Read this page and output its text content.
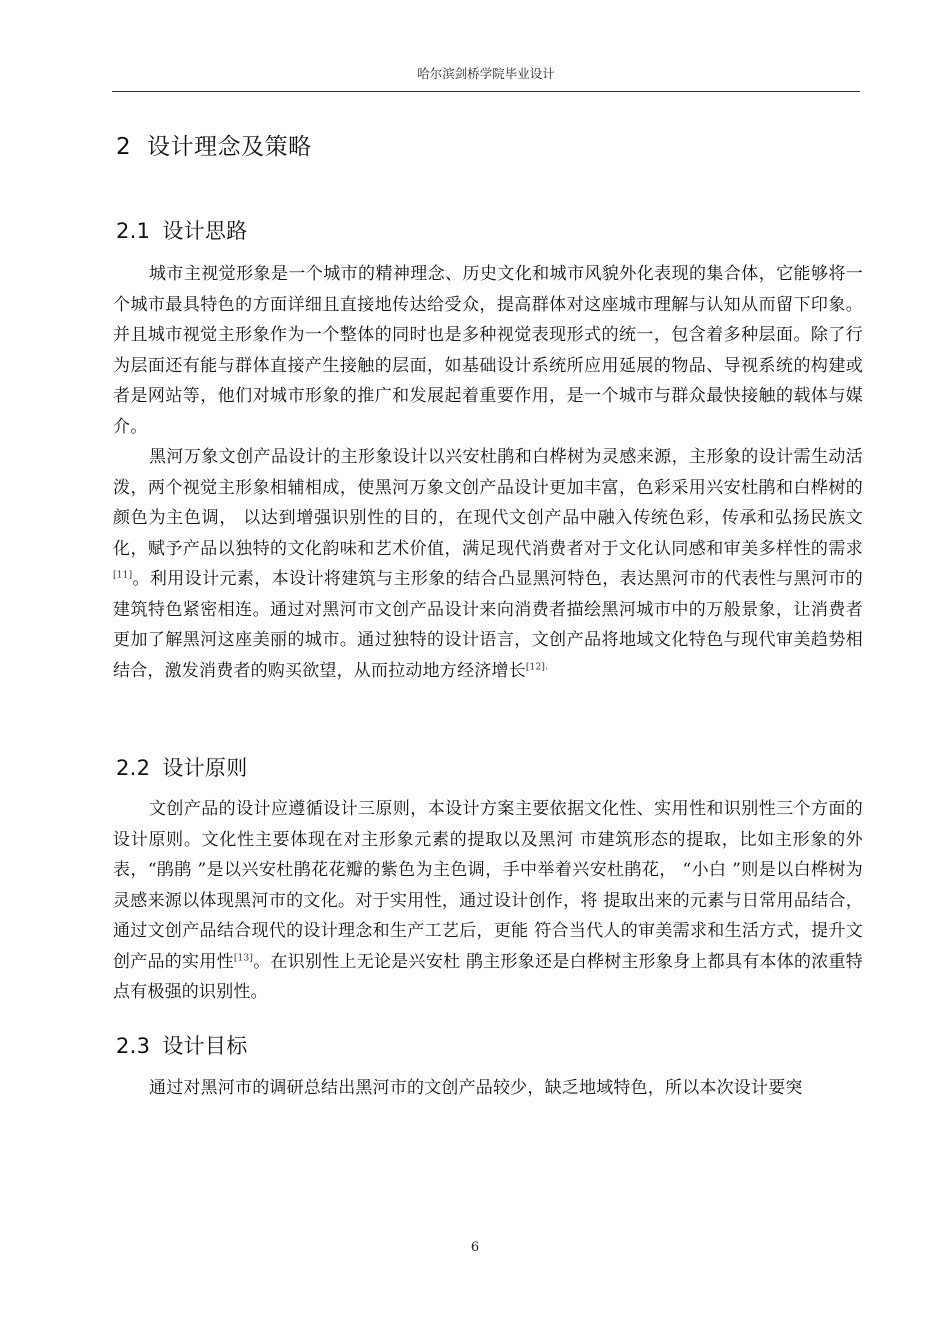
哈尔滨剑桥学院毕业设计
2 设计理念及策略
2.1 设计思路

城市主视觉形象是一个城市的精神理念、历史文化和城市风貌外化表现的集合体，它能够将一个城市最具特色的方面详细且直接地传达给受众，提高群体对这座城市理解与认知从而留下印象。并且城市视觉主形象作为一个整体的同时也是多种视觉表现形式的统一，包含着多种层面。除了行为层面还有能与群体直接产生接触的层面，如基础设计系统所应用延展的物品、导视系统的构建或者是网站等，他们对城市形象的推广和发展起着重要作用，是一个城市与群众最快接触的载体与媒介。

黑河万象文创产品设计的主形象设计以兴安杜鹃和白桦树为灵感来源，主形象的设计需生动活泼，两个视觉主形象相辅相成，使黑河万象文创产品设计更加丰富，色彩采用兴安杜鹃和白桦树的颜色为主色调， 以达到增强识别性的目的，在现代文创产品中融入传统色彩，传承和弘扬民族文化，赋予产品以独特的文化韵味和艺术价值，满足现代消费者对于文化认同感和审美多样性的需求[11]。利用设计元素，本设计将建筑与主形象的结合凸显黑河特色，表达黑河市的代表性与黑河市的建筑特色紧密相连。通过对黑河市文创产品设计来向消费者描绘黑河城市中的万般景象，让消费者更加了解黑河这座美丽的城市。通过独特的设计语言，文创产品将地域文化特色与现代审美趋势相结合，激发消费者的购买欲望，从而拉动地方经济增长$^{[12].}$

2.2 设计原则

文创产品的设计应遵循设计三原则，本设计方案主要依据文化性、实用性和识别性三个方面的设计原则。文化性主要体现在对主形象元素的提取以及黑河 市建筑形态的提取，比如主形象的外表，“鹃鹃 ”是以兴安杜鹃花花瓣的紫色为主色调，手中举着兴安杜鹃花， “小白 ”则是以白桦树为灵感来源以体现黑河市的文化。对于实用性，通过设计创作，将 提取出来的元素与日常用品结合，通过文创产品结合现代的设计理念和生产工艺后，更能 符合当代人的审美需求和生活方式，提升文创产品的实用性[13]。在识别性上无论是兴安杜 鹃主形象还是白桦树主形象身上都具有本体的浓重特点有极强的识别性。

2.3 设计目标

通过对黑河市的调研总结出黑河市的文创产品较少，缺乏地域特色，所以本次设计要突

6
